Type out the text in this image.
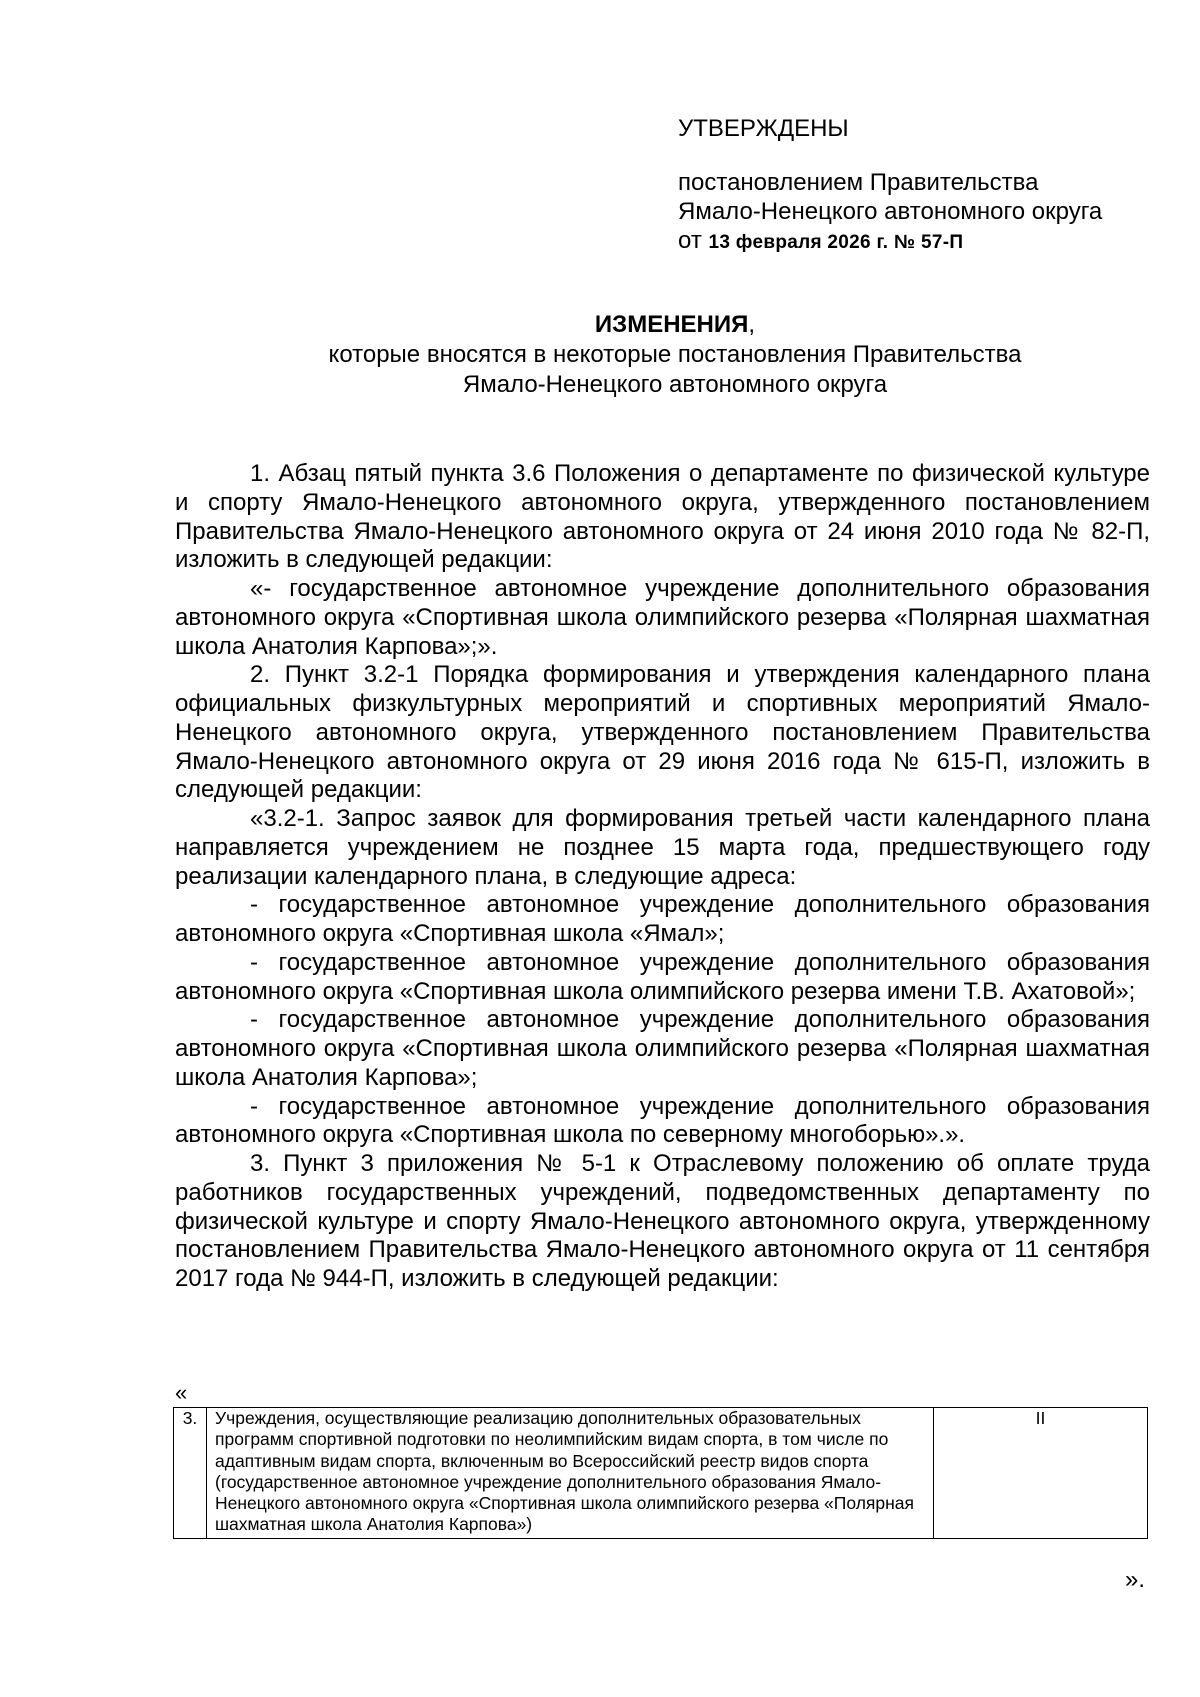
УТВЕРЖДЕНЫ
постановлением Правительства
Ямало-Ненецкого автономного округа
от 13 февраля 2026 г. № 57-П
ИЗМЕНЕНИЯ,
которые вносятся в некоторые постановления Правительства
Ямало-Ненецкого автономного округа

1. Абзац пятый пункта 3.6 Положения о департаменте по физической культуре и спорту Ямало-Ненецкого автономного округа, утвержденного постановлением Правительства Ямало-Ненецкого автономного округа от 24 июня 2010 года № 82-П, изложить в следующей редакции:

«- государственное автономное учреждение дополнительного образования автономного округа «Спортивная школа олимпийского резерва «Полярная шахматная школа Анатолия Карпова»;».

2. Пункт 3.2-1 Порядка формирования и утверждения календарного плана официальных физкультурных мероприятий и спортивных мероприятий Ямало-Ненецкого автономного округа, утвержденного постановлением Правительства Ямало-Ненецкого автономного округа от 29 июня 2016 года № 615-П, изложить в следующей редакции:

«3.2-1. Запрос заявок для формирования третьей части календарного плана направляется учреждением не позднее 15 марта года, предшествующего году реализации календарного плана, в следующие адреса:

- государственное автономное учреждение дополнительного образования автономного округа «Спортивная школа «Ямал»;

- государственное автономное учреждение дополнительного образования автономного округа «Спортивная школа олимпийского резерва имени Т.В. Ахатовой»;

- государственное автономное учреждение дополнительного образования автономного округа «Спортивная школа олимпийского резерва «Полярная шахматная школа Анатолия Карпова»;

- государственное автономное учреждение дополнительного образования автономного округа «Спортивная школа по северному многоборью».».

3. Пункт 3 приложения № 5-1 к Отраслевому положению об оплате труда работников государственных учреждений, подведомственных департаменту по физической культуре и спорту Ямало-Ненецкого автономного округа, утвержденному постановлением Правительства Ямало-Ненецкого автономного округа от 11 сентября 2017 года № 944-П, изложить в следующей редакции:

«
3.	Учреждения, осуществляющие реализацию дополнительных образовательных программ спортивной подготовки по неолимпийским видам спорта, в том числе по адаптивным видам спорта, включенным во Всероссийский реестр видов спорта (государственное автономное учреждение дополнительного образования Ямало-Ненецкого автономного округа «Спортивная школа олимпийского резерва «Полярная шахматная школа Анатолия Карпова»)	II
».
